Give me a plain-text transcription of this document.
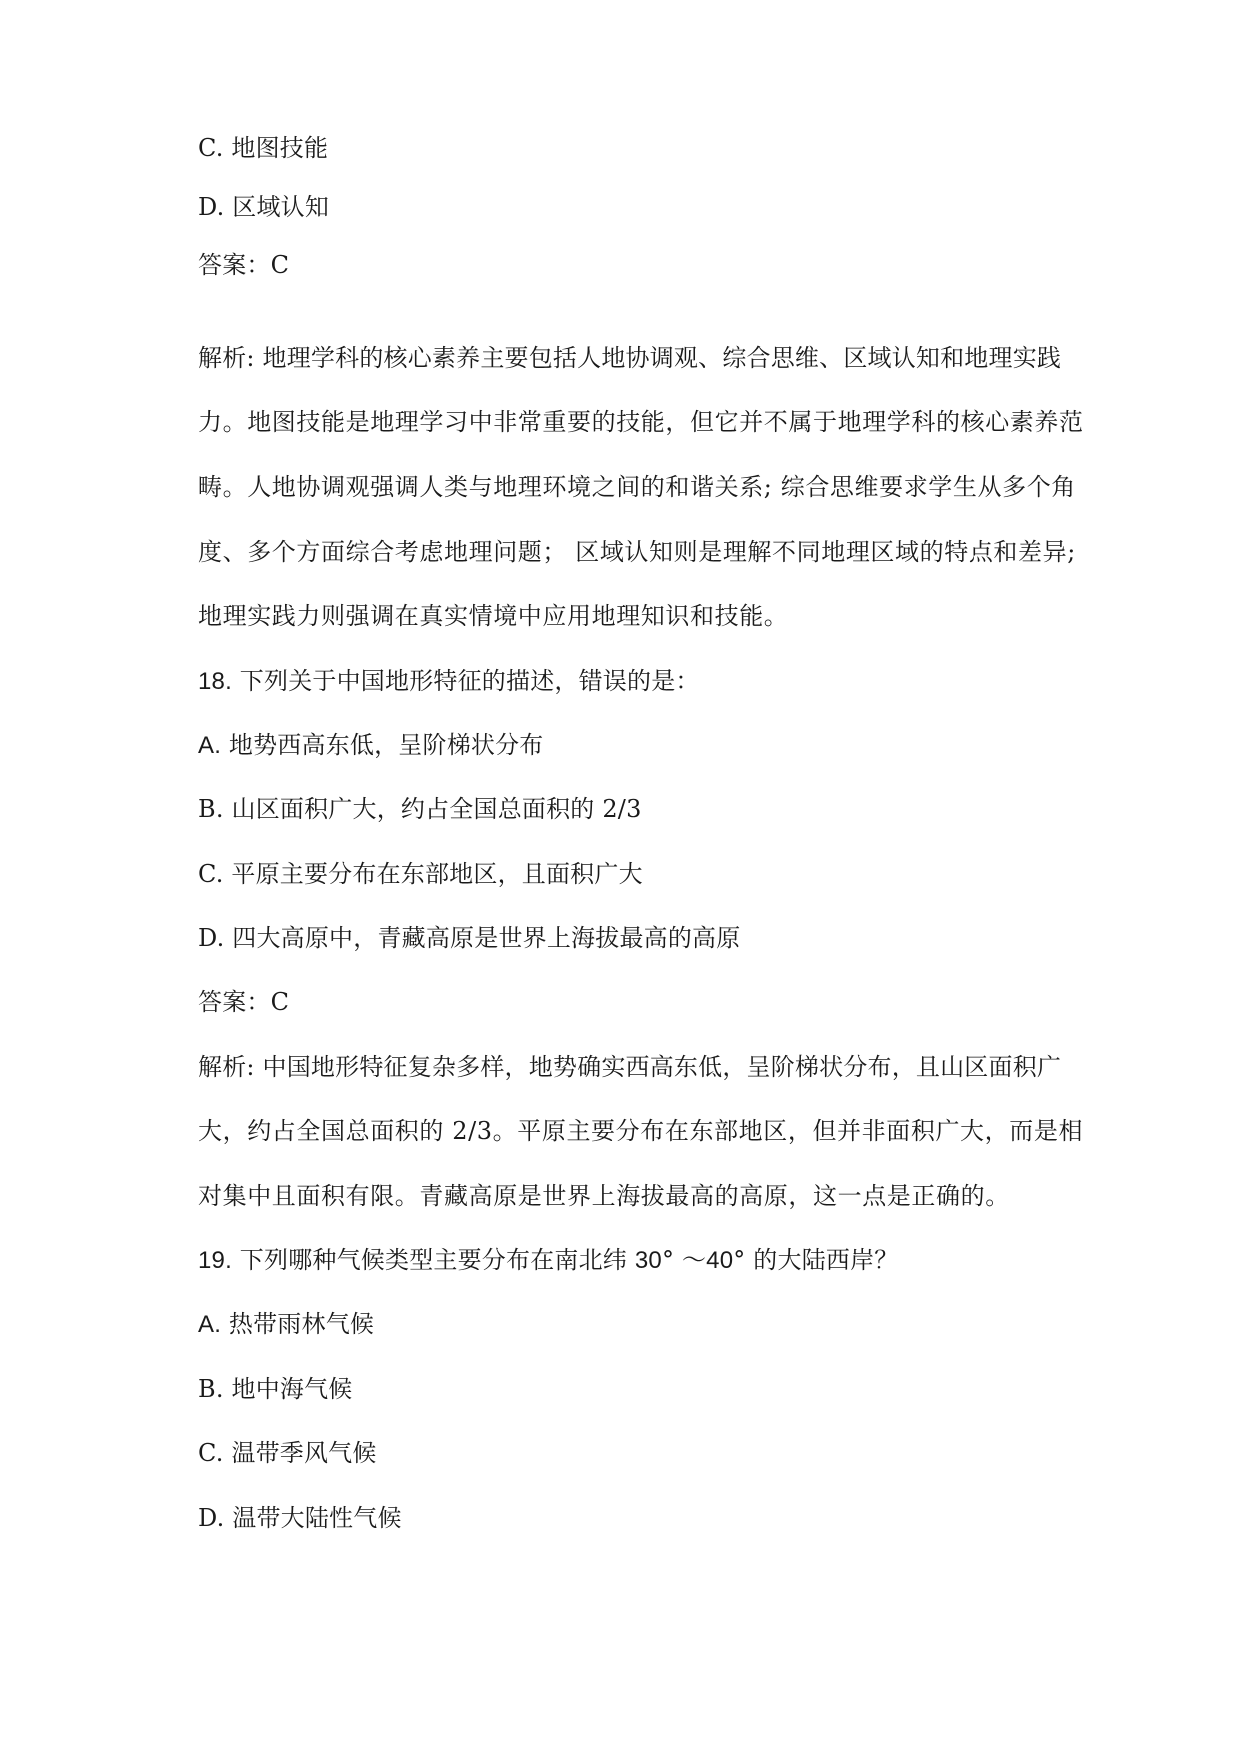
C. 地图技能

D. 区域认知

答案：C

解析: 地理学科的核心素养主要包括人地协调观、综合思维、区域认知和地理实践

力。地图技能是地理学习中非常重要的技能，但它并不属于地理学科的核心素养范

畴。人地协调观强调人类与地理环境之间的和谐关系; 综合思维要求学生从多个角

度、多个方面综合考虑地理问题； 区域认知则是理解不同地理区域的特点和差异;

地理实践力则强调在真实情境中应用地理知识和技能。

18. 下列关于中国地形特征的描述，错误的是：

A. 地势西高东低，呈阶梯状分布

B. 山区面积广大，约占全国总面积的 2/3

C. 平原主要分布在东部地区，且面积广大

D. 四大高原中，青藏高原是世界上海拔最高的高原

答案：C

解析: 中国地形特征复杂多样，地势确实西高东低，呈阶梯状分布，且山区面积广

大，约占全国总面积的 2/3。平原主要分布在东部地区，但并非面积广大，而是相

对集中且面积有限。青藏高原是世界上海拔最高的高原，这一点是正确的。

19. 下列哪种气候类型主要分布在南北纬 30° ～40° 的大陆西岸？

A. 热带雨林气候

B. 地中海气候

C. 温带季风气候

D. 温带大陆性气候
